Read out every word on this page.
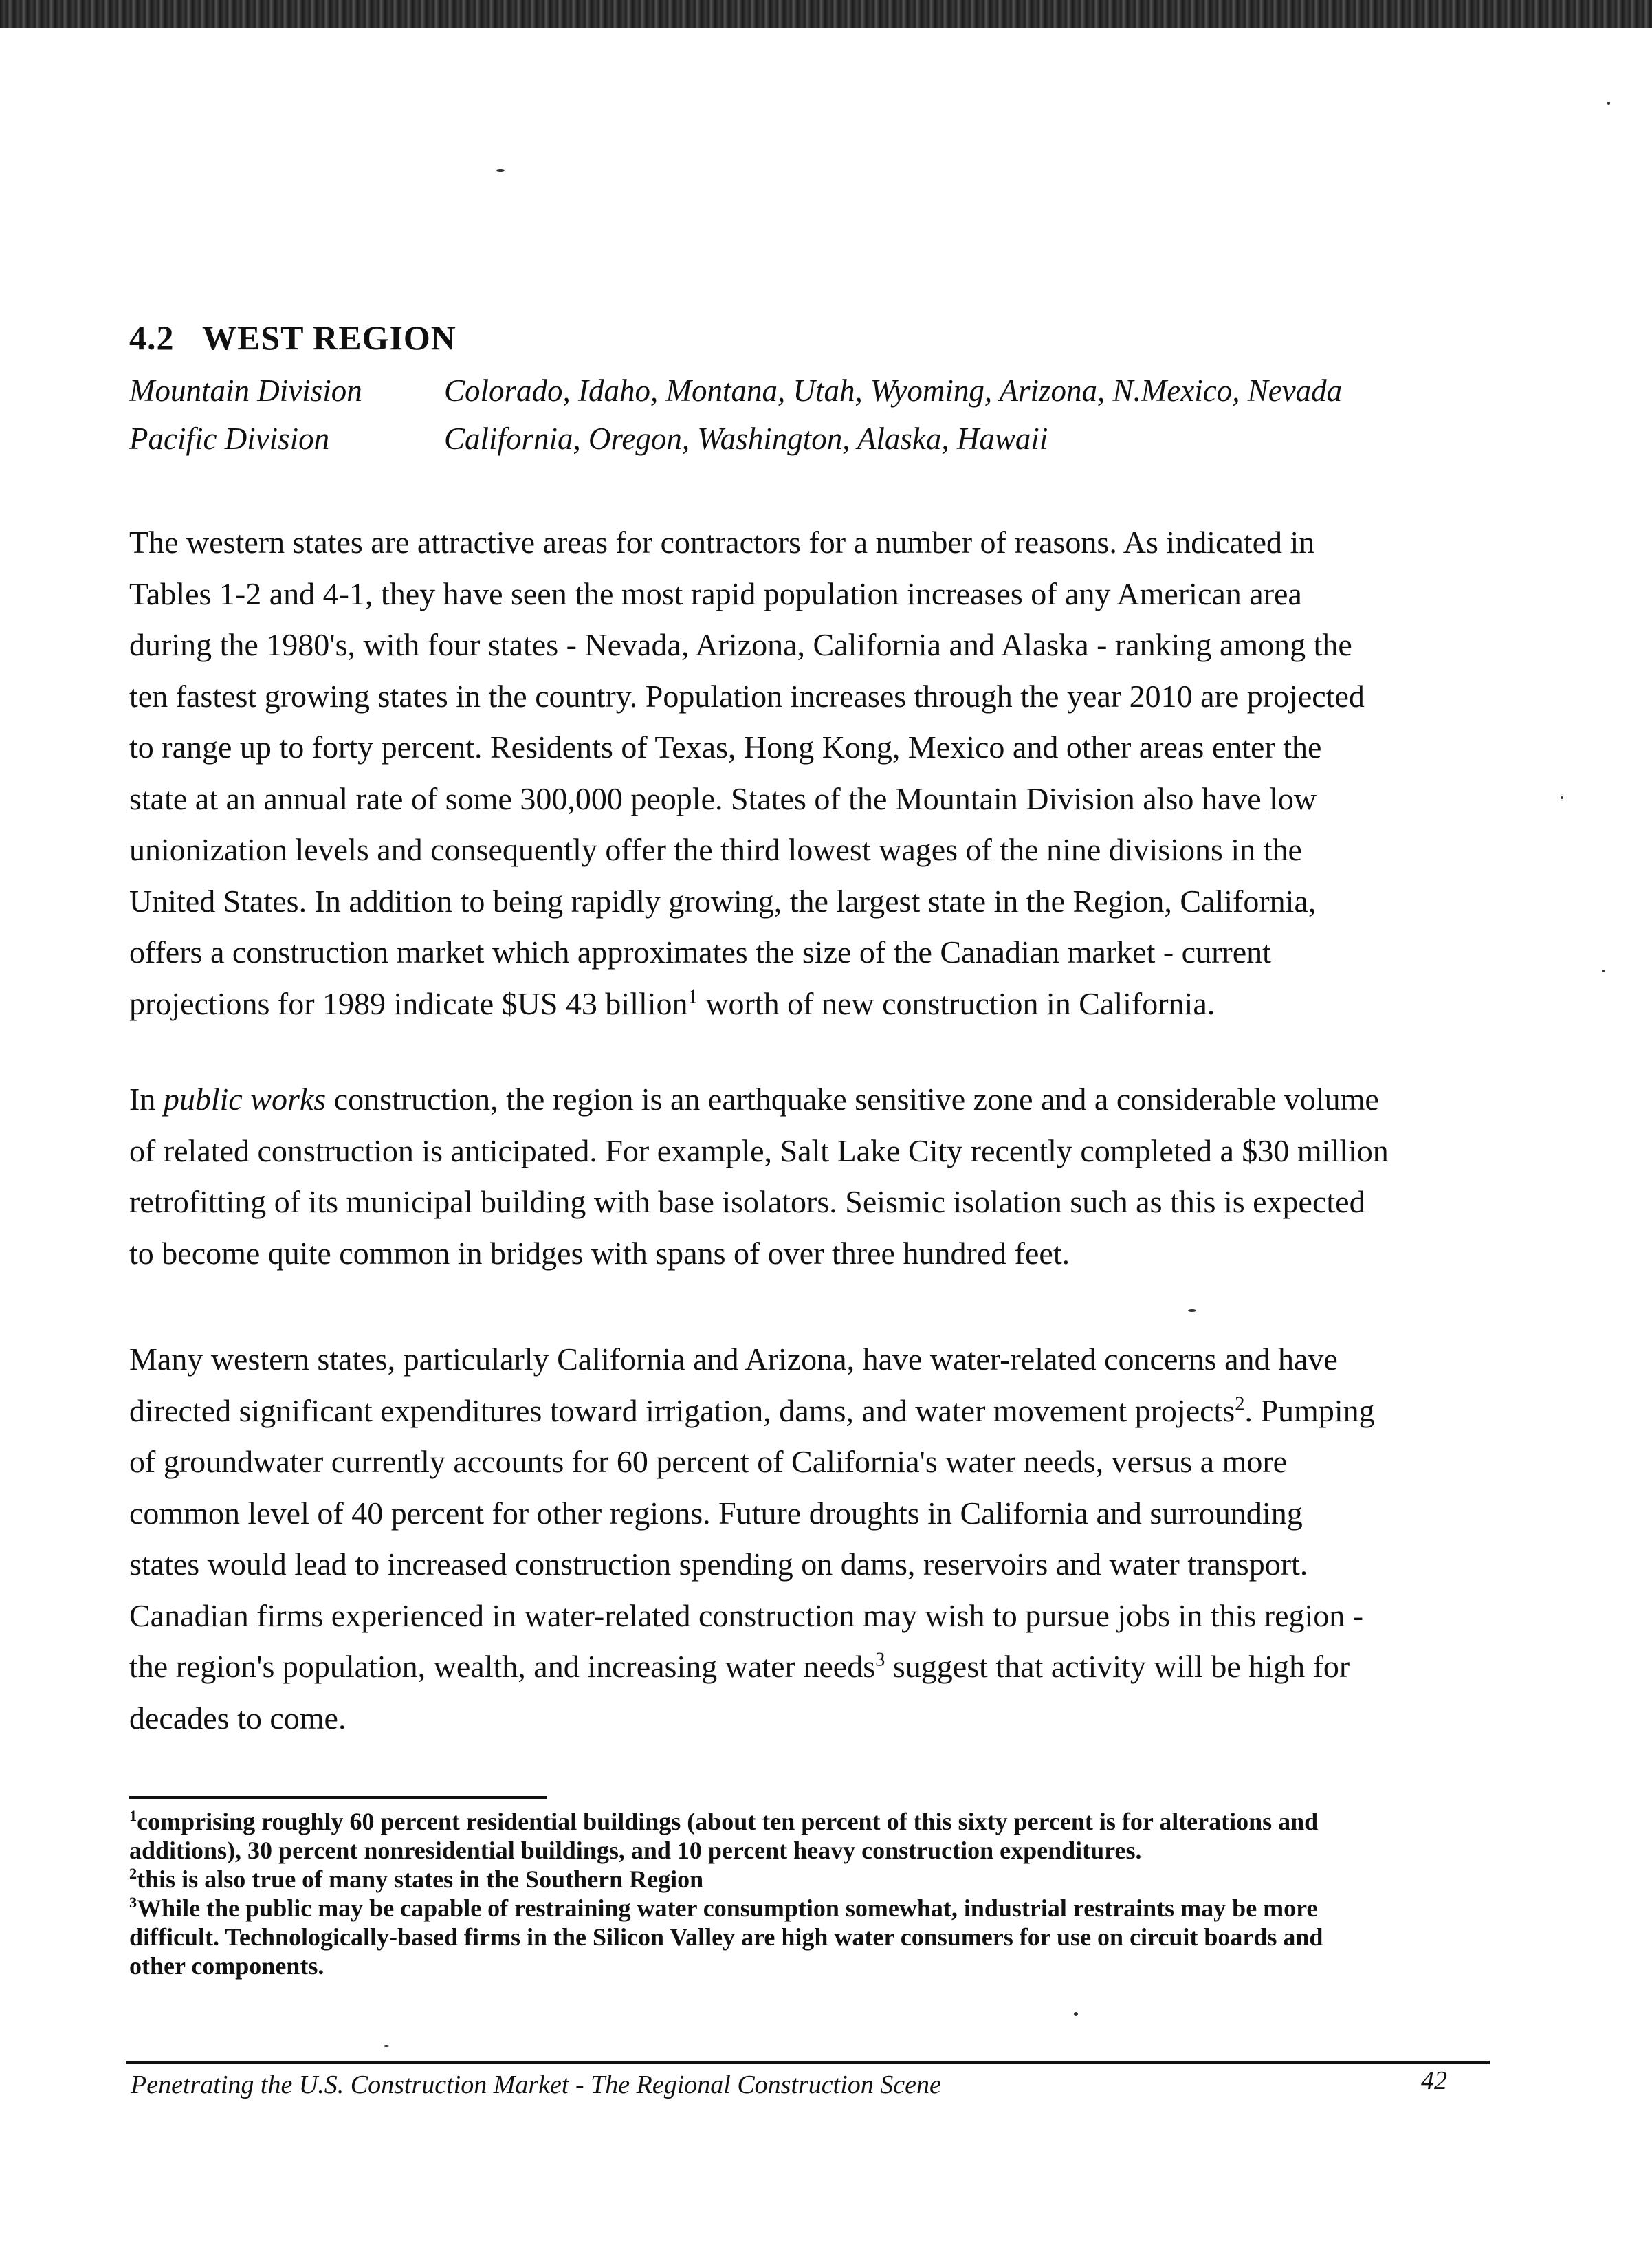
4.2 WEST REGION
Mountain Division	Colorado, Idaho, Montana, Utah, Wyoming, Arizona, N.Mexico, Nevada
Pacific Division	California, Oregon, Washington, Alaska, Hawaii
The western states are attractive areas for contractors for a number of reasons. As indicated in
Tables 1-2 and 4-1, they have seen the most rapid population increases of any American area
during the 1980's, with four states - Nevada, Arizona, California and Alaska - ranking among the
ten fastest growing states in the country. Population increases through the year 2010 are projected
to range up to forty percent. Residents of Texas, Hong Kong, Mexico and other areas enter the
state at an annual rate of some 300,000 people. States of the Mountain Division also have low
unionization levels and consequently offer the third lowest wages of the nine divisions in the
United States. In addition to being rapidly growing, the largest state in the Region, California,
offers a construction market which approximates the size of the Canadian market - current
projections for 1989 indicate $US 43 billion$^1$ worth of new construction in California.
In public works construction, the region is an earthquake sensitive zone and a considerable volume
of related construction is anticipated. For example, Salt Lake City recently completed a $30 million
retrofitting of its municipal building with base isolators. Seismic isolation such as this is expected
to become quite common in bridges with spans of over three hundred feet.
Many western states, particularly California and Arizona, have water-related concerns and have
directed significant expenditures toward irrigation, dams, and water movement projects$^2$. Pumping
of groundwater currently accounts for 60 percent of California's water needs, versus a more
common level of 40 percent for other regions. Future droughts in California and surrounding
states would lead to increased construction spending on dams, reservoirs and water transport.
Canadian firms experienced in water-related construction may wish to pursue jobs in this region -
the region's population, wealth, and increasing water needs$^3$ suggest that activity will be high for
decades to come.
$^1$comprising roughly 60 percent residential buildings (about ten percent of this sixty percent is for alterations and
additions), 30 percent nonresidential buildings, and 10 percent heavy construction expenditures.
$^2$this is also true of many states in the Southern Region
$^3$While the public may be capable of restraining water consumption somewhat, industrial restraints may be more
difficult. Technologically-based firms in the Silicon Valley are high water consumers for use on circuit boards and
other components.
Penetrating the U.S. Construction Market - The Regional Construction Scene	42
